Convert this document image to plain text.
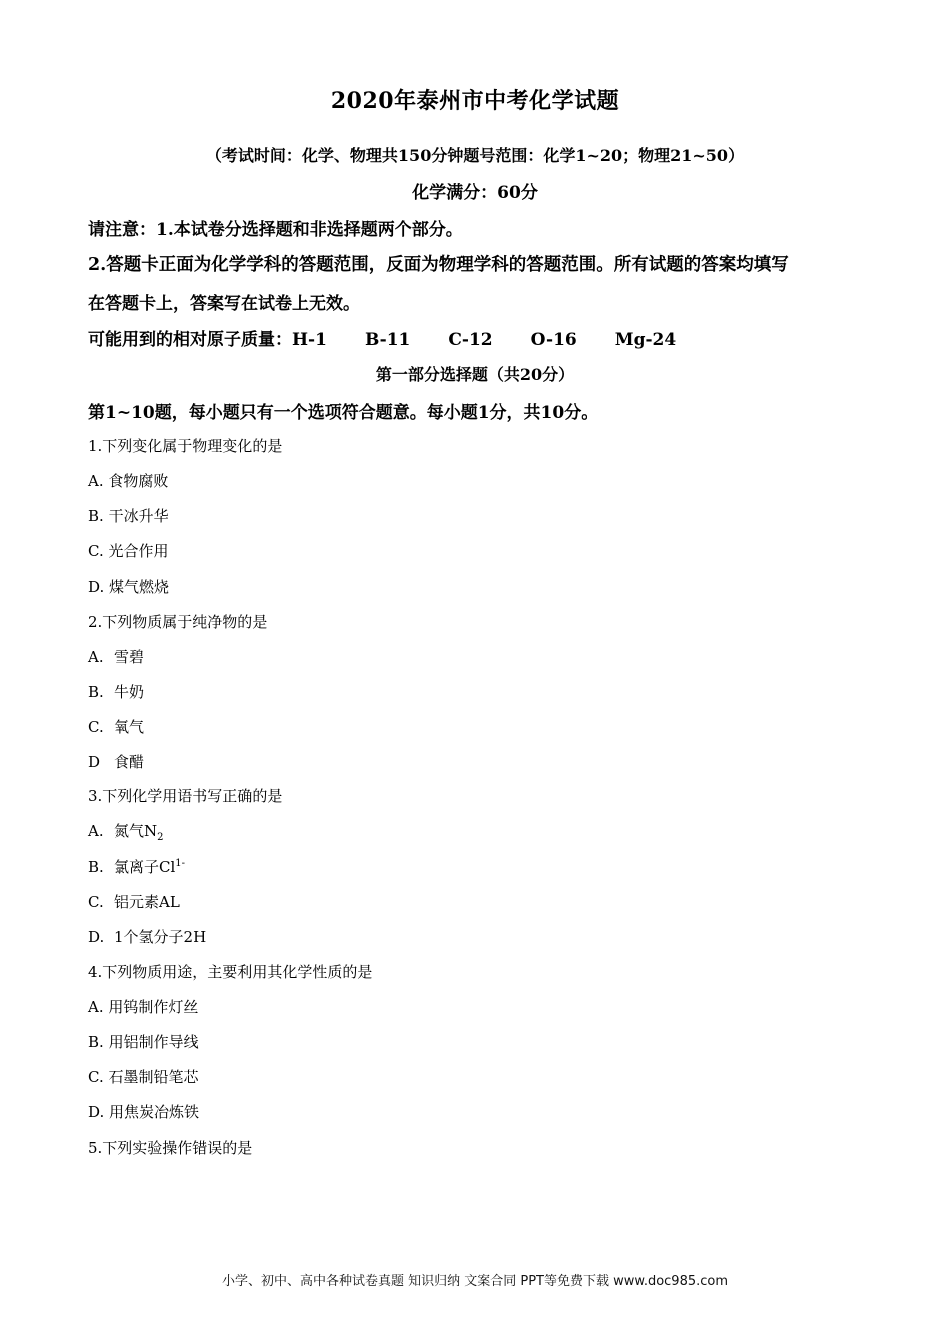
2020年泰州市中考化学试题
（考试时间：化学、物理共150分钟题号范围：化学1~20；物理21~50）
化学满分：60分
请注意：1.本试卷分选择题和非选择题两个部分。
2.答题卡正面为化学学科的答题范围，反面为物理学科的答题范围。所有试题的答案均填写
在答题卡上，答案写在试卷上无效。
可能用到的相对原子质量：H-1 B-11 C-12 O-16 Mg-24
第一部分选择题（共20分）
第1~10题，每小题只有一个选项符合题意。每小题1分，共10分。
1.下列变化属于物理变化的是
A. 食物腐败
B. 干冰升华
C. 光合作用
D. 煤气燃烧
2.下列物质属于纯净物的是
A. 雪碧
B. 牛奶
C. 氧气
D 食醋
3.下列化学用语书写正确的是
A. 氮气$N_2$
B. 氯离子$Cl^{1-}$
C. 铝元素AL
D. 1个氢分子2H
4.下列物质用途，主要利用其化学性质的是
A. 用钨制作灯丝
B. 用铝制作导线
C. 石墨制铅笔芯
D. 用焦炭冶炼铁
5.下列实验操作错误的是
小学、初中、高中各种试卷真题 知识归纳 文案合同 PPT等免费下载 www.doc985.com
